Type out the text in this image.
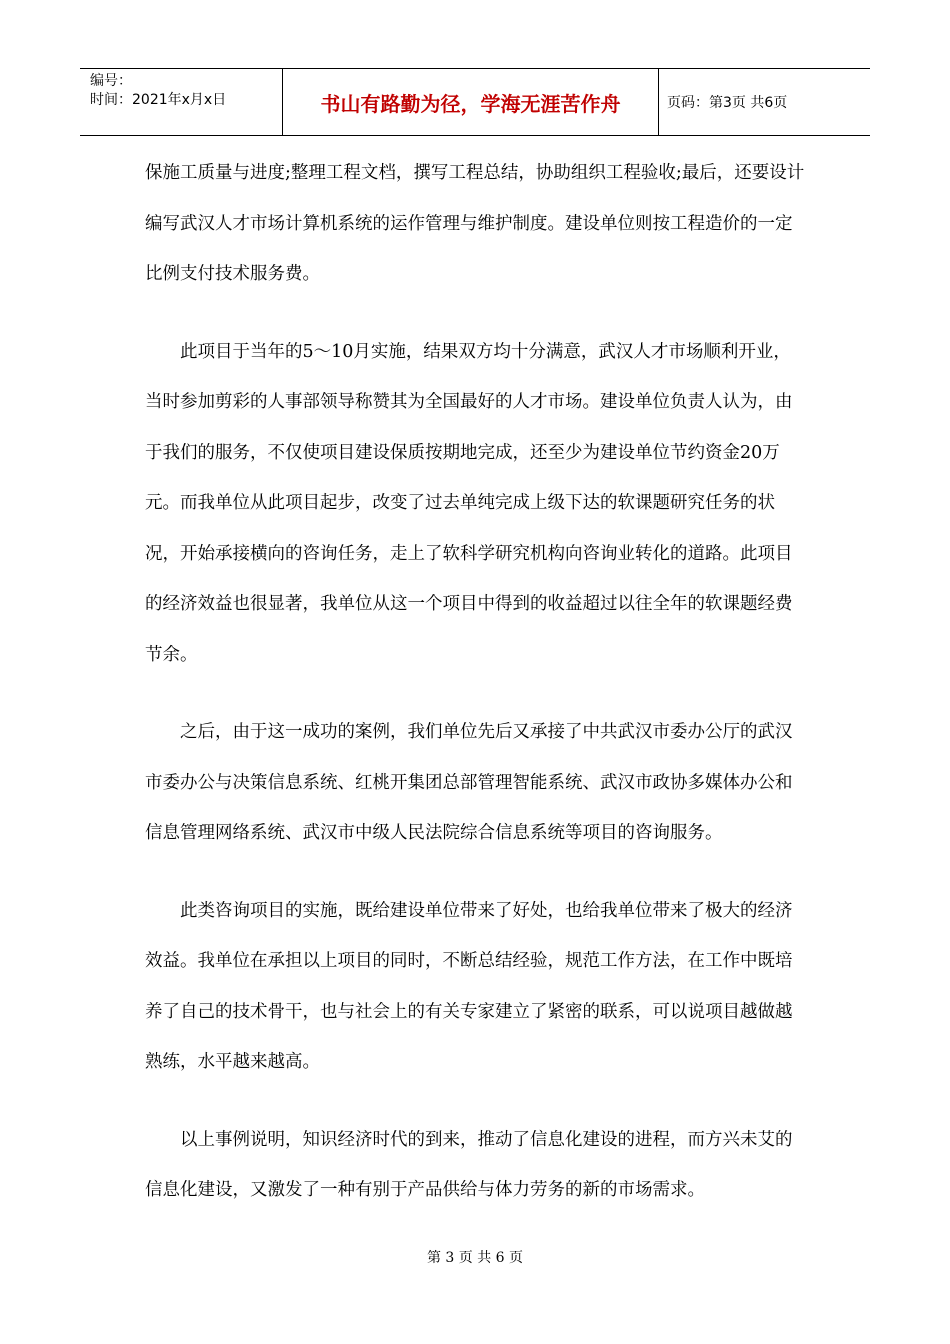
编号：
时间：2021年x月x日	书山有路勤为径，学海无涯苦作舟	页码：第3页 共6页

保施工质量与进度;整理工程文档，撰写工程总结，协助组织工程验收;最后，还要设计编写武汉人才市场计算机系统的运作管理与维护制度。建设单位则按工程造价的一定比例支付技术服务费。

此项目于当年的5～10月实施，结果双方均十分满意，武汉人才市场顺利开业，当时参加剪彩的人事部领导称赞其为全国最好的人才市场。建设单位负责人认为，由于我们的服务，不仅使项目建设保质按期地完成，还至少为建设单位节约资金20万元。而我单位从此项目起步，改变了过去单纯完成上级下达的软课题研究任务的状况，开始承接横向的咨询任务，走上了软科学研究机构向咨询业转化的道路。此项目的经济效益也很显著，我单位从这一个项目中得到的收益超过以往全年的软课题经费节余。

之后，由于这一成功的案例，我们单位先后又承接了中共武汉市委办公厅的武汉市委办公与决策信息系统、红桃开集团总部管理智能系统、武汉市政协多媒体办公和信息管理网络系统、武汉市中级人民法院综合信息系统等项目的咨询服务。

此类咨询项目的实施，既给建设单位带来了好处，也给我单位带来了极大的经济效益。我单位在承担以上项目的同时，不断总结经验，规范工作方法，在工作中既培养了自己的技术骨干，也与社会上的有关专家建立了紧密的联系，可以说项目越做越熟练，水平越来越高。

以上事例说明，知识经济时代的到来，推动了信息化建设的进程，而方兴未艾的信息化建设，又激发了一种有别于产品供给与体力劳务的新的市场需求。

第 3 页 共 6 页
